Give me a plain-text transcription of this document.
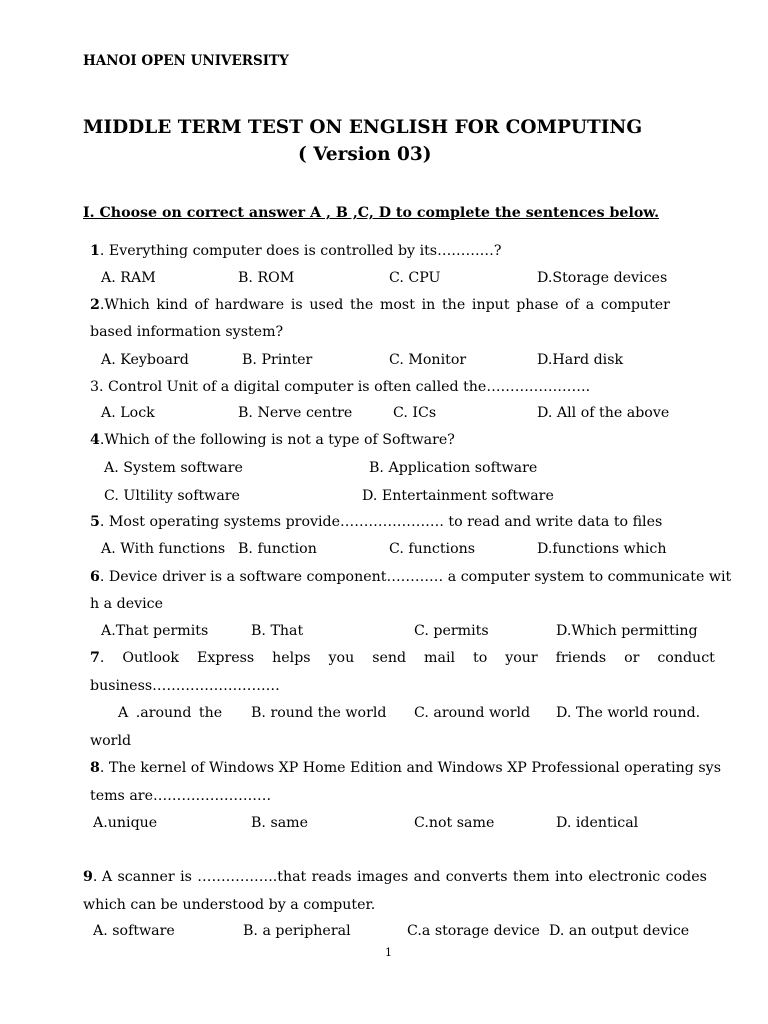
HANOI OPEN UNIVERSITY
MIDDLE TERM TEST ON ENGLISH FOR COMPUTING
( Version 03)
I. Choose on correct answer A , B ,C, D to complete the sentences below.
1. Everything computer does is controlled by its…………?
A. RAM	B. ROM	C. CPU	D.Storage devices
2.Which kind of hardware is used the most in the input phase of a computer
based information system?
A. Keyboard	B. Printer	C. Monitor	D.Hard disk
3. Control Unit of a digital computer is often called the………………….
A. Lock	B. Nerve centre	C. ICs	D. All of the above
4.Which of the following is not a type of Software?
A. System software	B. Application software
C. Ultility software	D. Entertainment software
5. Most operating systems provide…………………. to read and write data to files
A. With functions B. function	C. functions	D.functions which
6. Device driver is a software component………… a computer system to communicate wit
h a device
A.That permits	B. That	C. permits	D.Which permitting
7. Outlook Express helps you send mail to your friends or conduct
business………………………
A .around the B. round the world C. around world D. The world round.
world
8. The kernel of Windows XP Home Edition and Windows XP Professional operating sys
tems are…………………….
A.unique	B. same	C.not same	D. identical
9. A scanner is ……………..that reads images and converts them into electronic codes
which can be understood by a computer.
A. software	B. a peripheral	C.a storage device D. an output device
1
